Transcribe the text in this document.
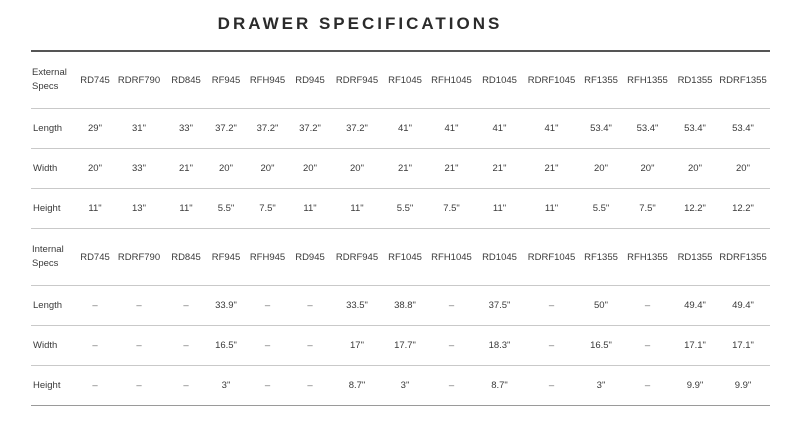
DRAWER SPECIFICATIONS
External Specs	RD745	RDRF790	RD845	RF945	RFH945	RD945	RDRF945	RF1045	RFH1045	RD1045	RDRF1045	RF1355	RFH1355	RD1355	RDRF1355
Length	29"	31"	33"	37.2"	37.2"	37.2"	37.2"	41"	41"	41"	41"	53.4"	53.4"	53.4"	53.4"
Width	20"	33"	21"	20"	20"	20"	20"	21"	21"	21"	21"	20"	20"	20"	20"
Height	11"	13"	11"	5.5"	7.5"	11"	11"	5.5"	7.5"	11"	11"	5.5"	7.5"	12.2"	12.2"
Internal Specs	RD745	RDRF790	RD845	RF945	RFH945	RD945	RDRF945	RF1045	RFH1045	RD1045	RDRF1045	RF1355	RFH1355	RD1355	RDRF1355
Length	–	–	–	33.9"	–	–	33.5"	38.8"	–	37.5"	–	50"	–	49.4"	49.4"
Width	–	–	–	16.5"	–	–	17"	17.7"	–	18.3"	–	16.5"	–	17.1"	17.1"
Height	–	–	–	3"	–	–	8.7"	3"	–	8.7"	–	3"	–	9.9"	9.9"
